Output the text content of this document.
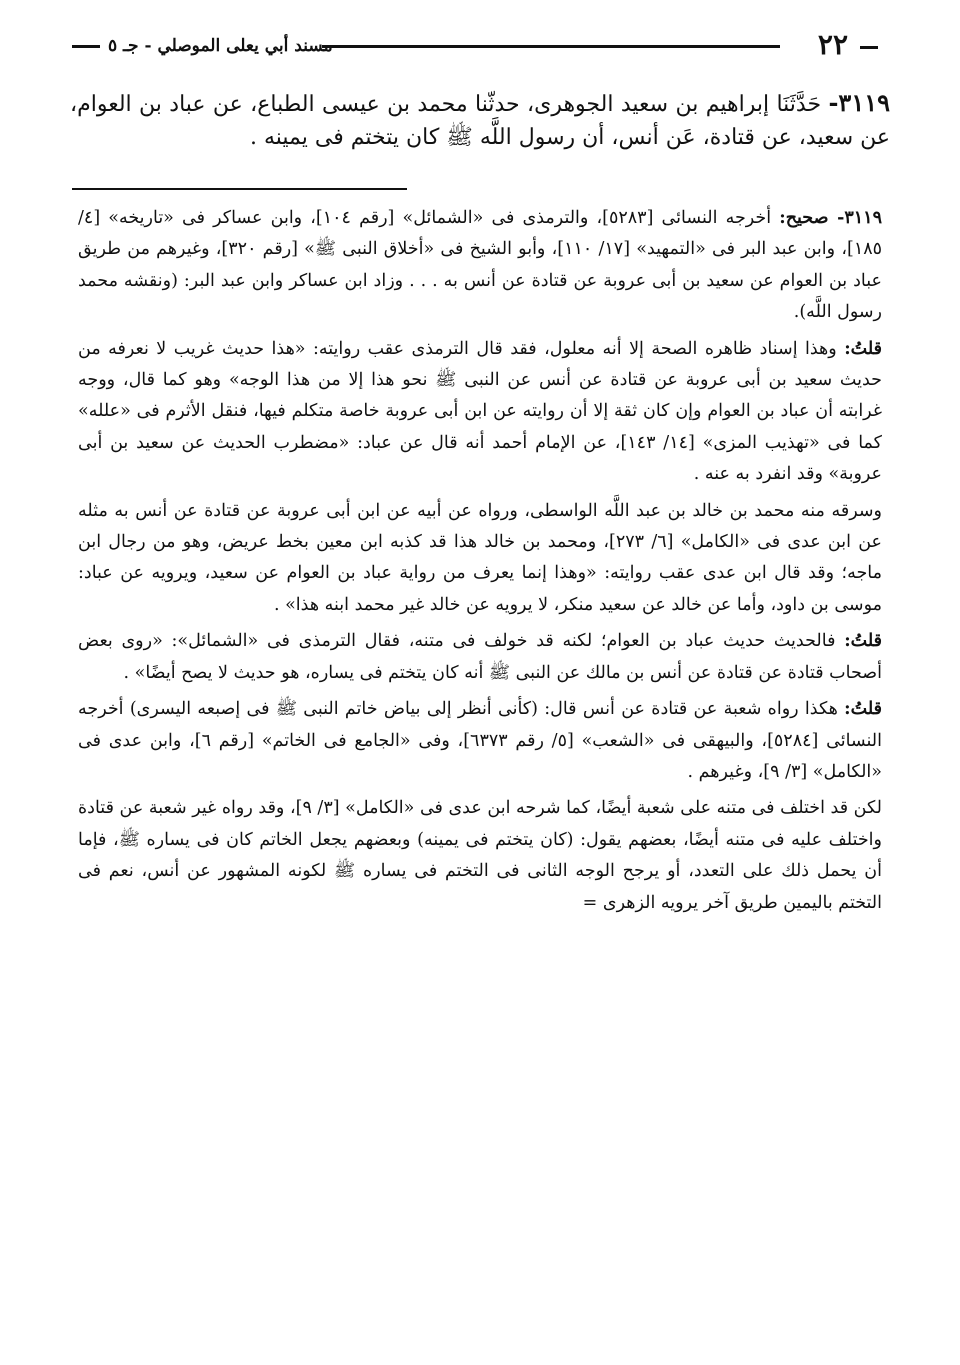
٢٢
مسند أبي يعلى الموصلي - جـ ٥
٣١١٩- حَدَّثَنَا إبراهيم بن سعيد الجوهرى، حدثّنا محمد بن عيسى الطباع، عن عباد بن العوام، عن سعيد، عن قتادة، عَن أنس، أن رسول اللَّه ﷺ كان يتختم فى يمينه .

٣١١٩- صحيح: أخرجه النسائى [٥٢٨٣]، والترمذى فى «الشمائل» [رقم ١٠٤]، وابن عساكر فى «تاريخه» [٤/ ١٨٥]، وابن عبد البر فى «التمهيد» [١٧/ ١١٠]، وأبو الشيخ فى «أخلاق النبى ﷺ» [رقم ٣٢٠]، وغيرهم من طريق عباد بن العوام عن سعيد بن أبى عروبة عن قتادة عن أنس به . . . وزاد ابن عساكر وابن عبد البر: (ونقشه محمد رسول اللَّه).

قلتُ: وهذا إسناد ظاهره الصحة إلا أنه معلول، فقد قال الترمذى عقب روايته: «هذا حديث غريب لا نعرفه من حديث سعيد بن أبى عروبة عن قتادة عن أنس عن النبى ﷺ نحو هذا إلا من هذا الوجه» وهو كما قال، ووجه غرابته أن عباد بن العوام وإن كان ثقة إلا أن روايته عن ابن أبى عروبة خاصة متكلم فيها، فنقل الأثرم فى «علله» كما فى «تهذيب المزى» [١٤/ ١٤٣]، عن الإمام أحمد أنه قال عن عباد: «مضطرب الحديث عن سعيد بن أبى عروبة» وقد انفرد به عنه .

وسرقه منه محمد بن خالد بن عبد اللَّه الواسطى، ورواه عن أبيه عن ابن أبى عروبة عن قتادة عن أنس به مثله عن ابن عدى فى «الكامل» [٦/ ٢٧٣]، ومحمد بن خالد هذا قد كذبه ابن معين بخط عريض، وهو من رجال ابن ماجه؛ وقد قال ابن عدى عقب روايته: «وهذا إنما يعرف من رواية عباد بن العوام عن سعيد، ويرويه عن عباد: موسى بن داود، وأما عن خالد عن سعيد منكر، لا يرويه عن خالد غير محمد ابنه هذا» .

قلتُ: فالحديث حديث عباد بن العوام؛ لكنه قد خولف فى متنه، فقال الترمذى فى «الشمائل»: «روى بعض أصحاب قتادة عن قتادة عن أنس بن مالك عن النبى ﷺ أنه كان يتختم فى يساره، هو حديث لا يصح أيضًا» .

قلتُ: هكذا رواه شعبة عن قتادة عن أنس قال: (كأنى أنظر إلى بياض خاتم النبى ﷺ فى إصبعه اليسرى) أخرجه النسائى [٥٢٨٤]، والبيهقى فى «الشعب» [٥/ رقم ٦٣٧٣]، وفى «الجامع فى الخاتم» [رقم ٦]، وابن عدى فى «الكامل» [٣/ ٩]، وغيرهم .

لكن قد اختلف فى متنه على شعبة أيضًا، كما شرحه ابن عدى فى «الكامل» [٣/ ٩]، وقد رواه غير شعبة عن قتادة واختلف عليه فى متنه أيضًا، بعضهم يقول: (كان يتختم فى يمينه) وبعضهم يجعل الخاتم كان فى يساره ﷺ، فإما أن يحمل ذلك على التعدد، أو يرجح الوجه الثانى فى التختم فى يساره ﷺ لكونه المشهور عن أنس، نعم فى التختم باليمين طريق آخر يرويه الزهرى =
